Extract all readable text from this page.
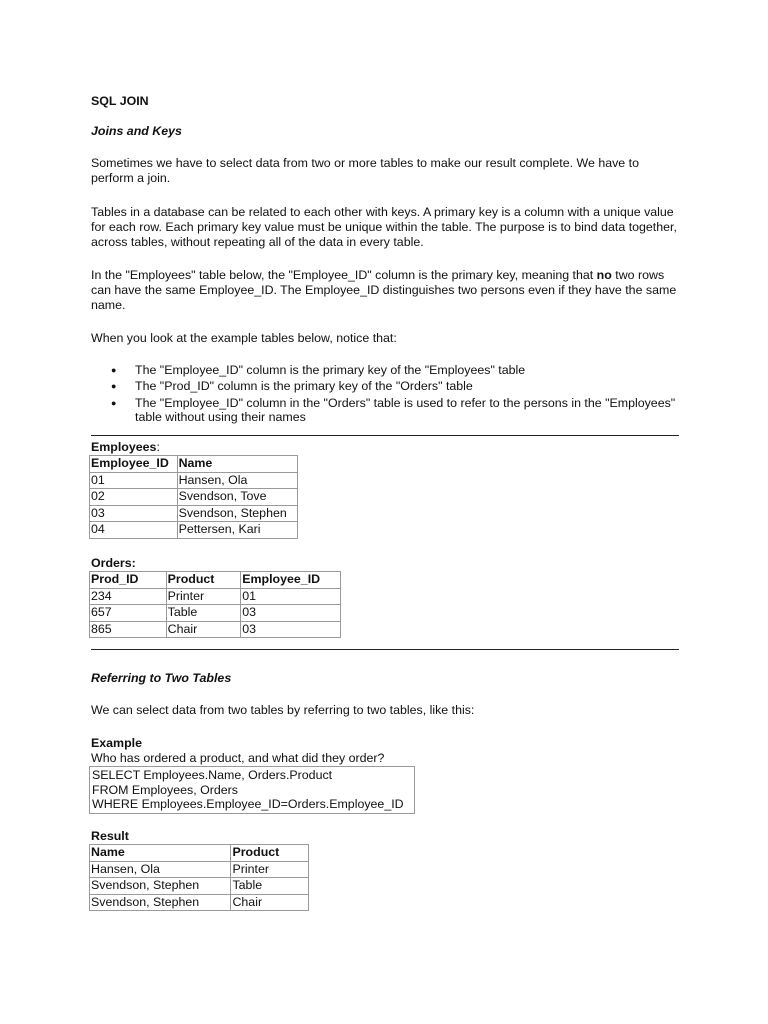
SQL JOIN
Joins and Keys
Sometimes we have to select data from two or more tables to make our result complete. We have to perform a join.
Tables in a database can be related to each other with keys. A primary key is a column with a unique value for each row. Each primary key value must be unique within the table. The purpose is to bind data together, across tables, without repeating all of the data in every table.
In the "Employees" table below, the "Employee_ID" column is the primary key, meaning that no two rows can have the same Employee_ID. The Employee_ID distinguishes two persons even if they have the same name.
When you look at the example tables below, notice that:
● The "Employee_ID" column is the primary key of the "Employees" table
● The "Prod_ID" column is the primary key of the "Orders" table
● The "Employee_ID" column in the "Orders" table is used to refer to the persons in the "Employees" table without using their names
Employees:
Employee_ID	Name
01	Hansen, Ola
02	Svendson, Tove
03	Svendson, Stephen
04	Pettersen, Kari
Orders:
Prod_ID	Product	Employee_ID
234	Printer	01
657	Table	03
865	Chair	03
Referring to Two Tables
We can select data from two tables by referring to two tables, like this:
Example
Who has ordered a product, and what did they order?
SELECT Employees.Name, Orders.Product
FROM Employees, Orders
WHERE Employees.Employee_ID=Orders.Employee_ID
Result
Name	Product
Hansen, Ola	Printer
Svendson, Stephen	Table
Svendson, Stephen	Chair
